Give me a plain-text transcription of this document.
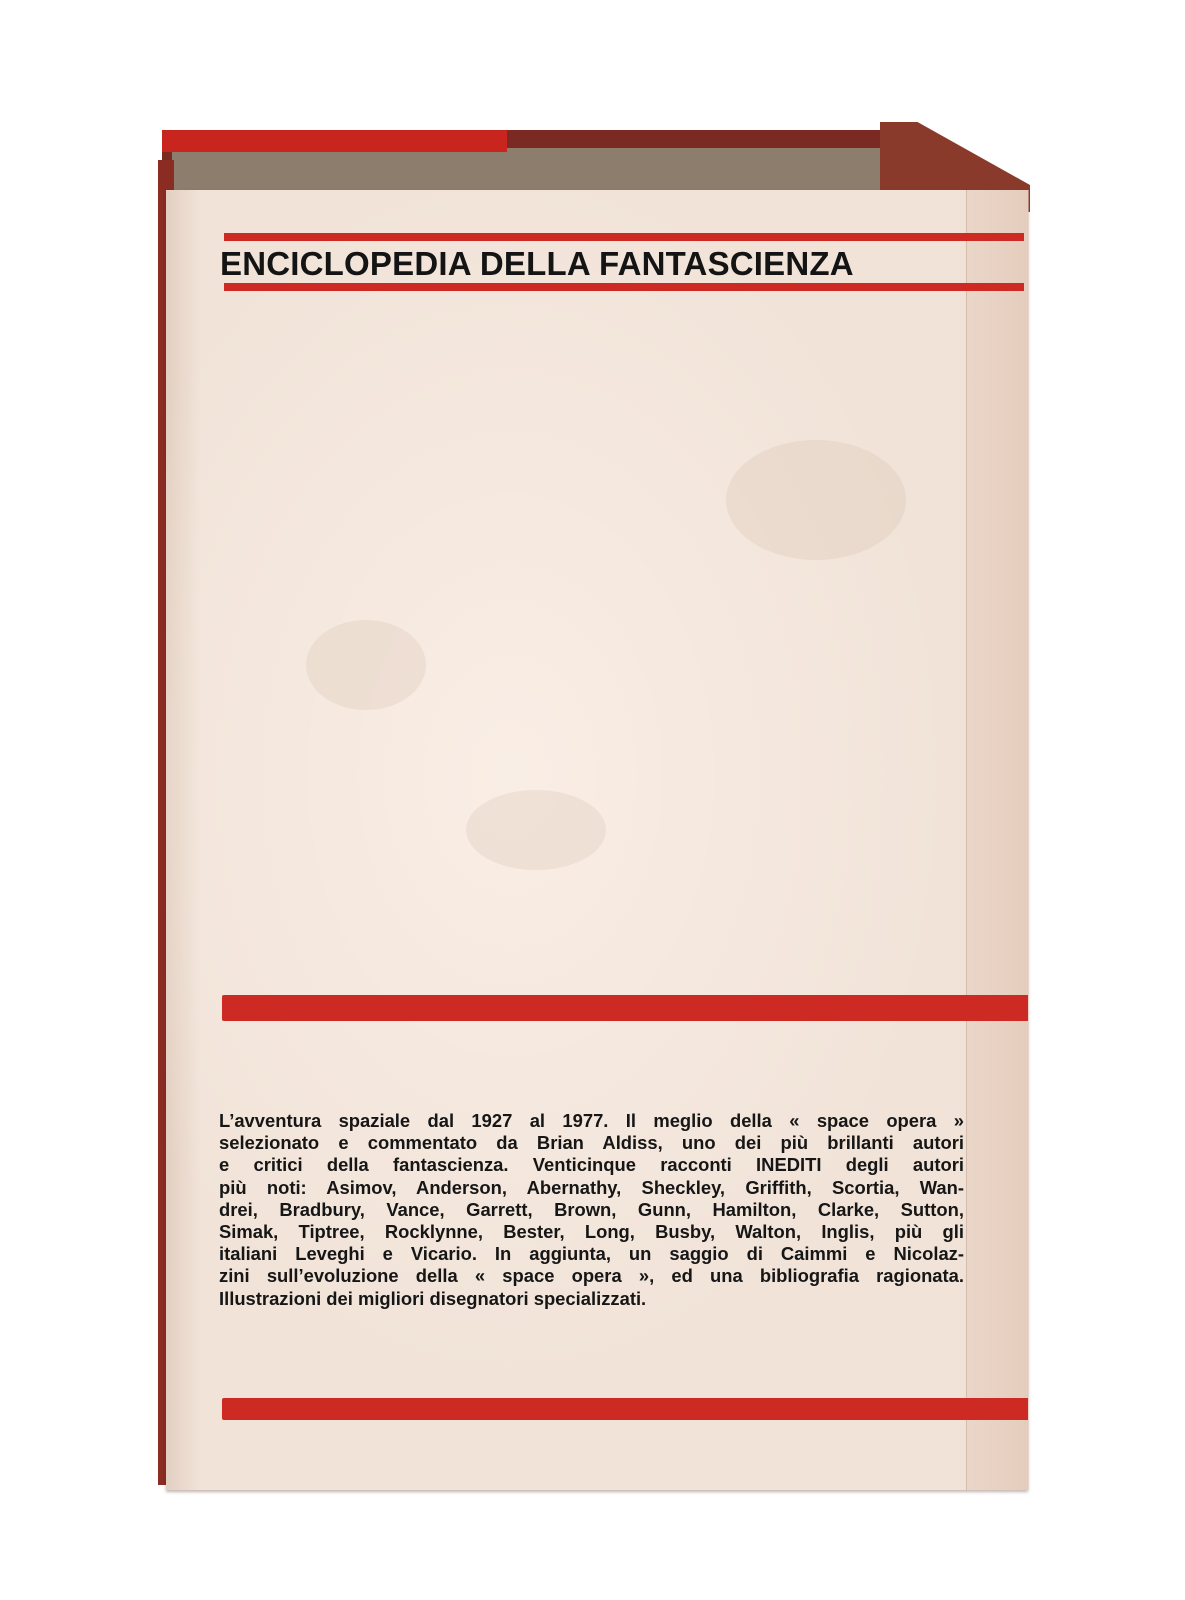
ENCICLOPEDIA DELLA FANTASCIENZA
L’avventura spaziale dal 1927 al 1977. Il meglio della « space opera »
selezionato e commentato da Brian Aldiss, uno dei più brillanti autori
e critici della fantascienza. Venticinque racconti INEDITI degli autori
più noti: Asimov, Anderson, Abernathy, Sheckley, Griffith, Scortia, Wan-
drei, Bradbury, Vance, Garrett, Brown, Gunn, Hamilton, Clarke, Sutton,
Simak, Tiptree, Rocklynne, Bester, Long, Busby, Walton, Inglis, più gli
italiani Leveghi e Vicario. In aggiunta, un saggio di Caimmi e Nicolaz-
zini sull’evoluzione della « space opera », ed una bibliografia ragionata.
Illustrazioni dei migliori disegnatori specializzati.
